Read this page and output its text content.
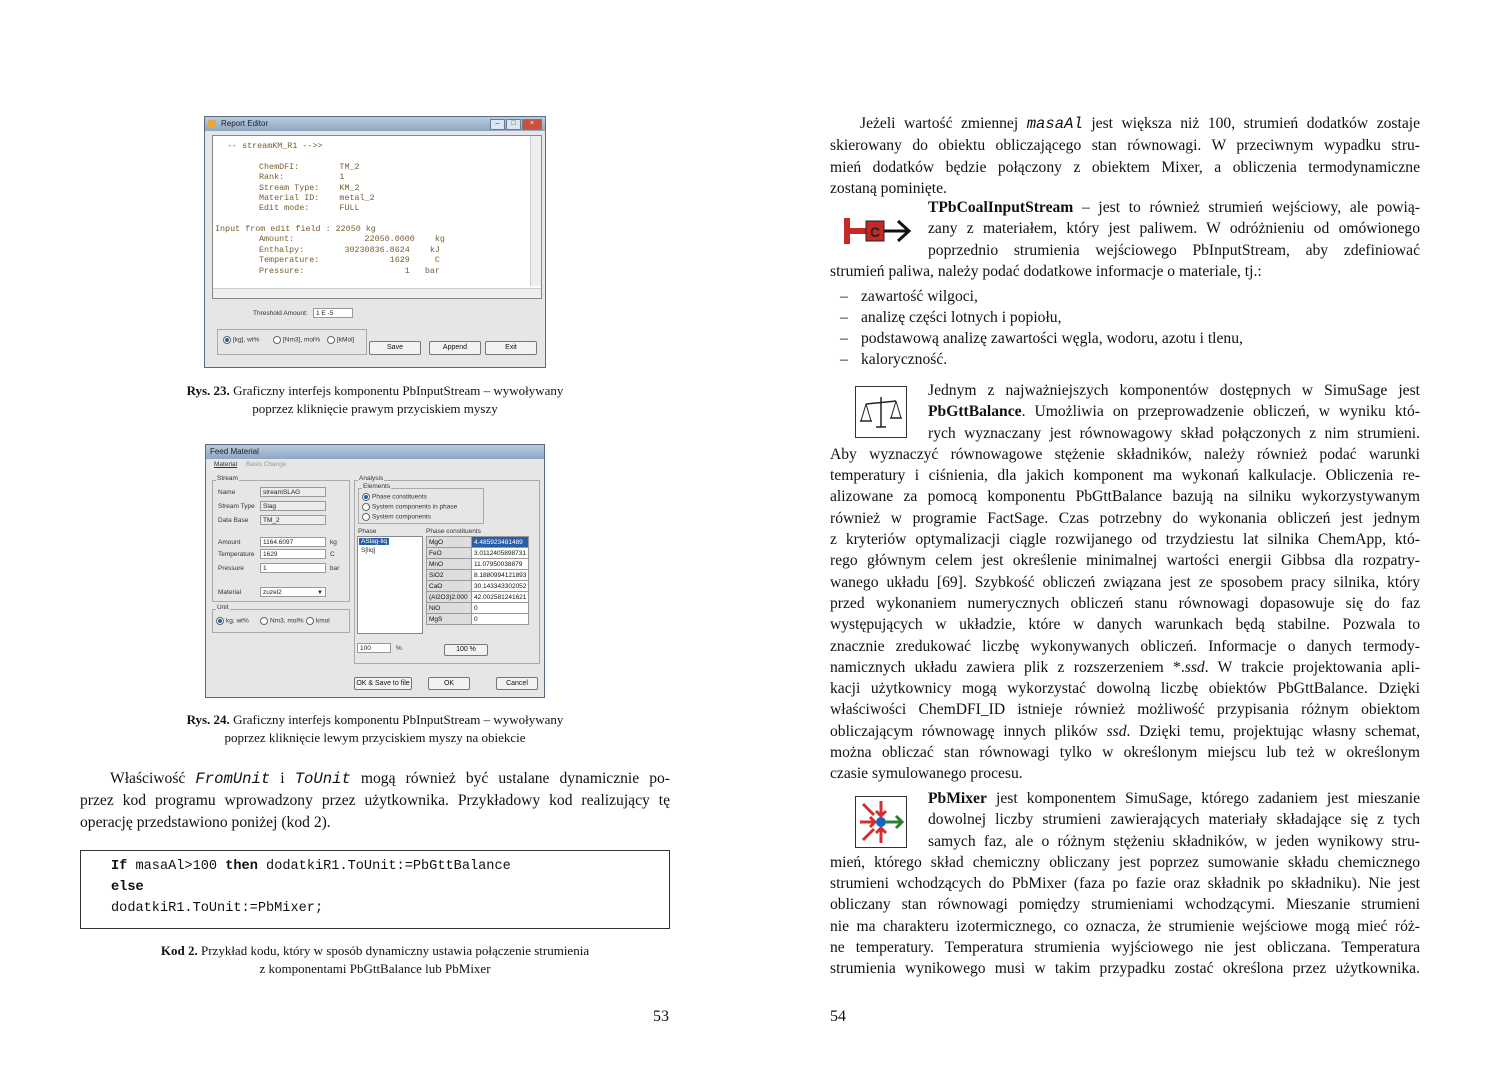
Report Editor	–	□	×
-- streamKM_R1 -->>
ChemDFI:        TM_2
Rank:           1
Stream Type:    KM_2
Material ID:    metal_2
Edit mode:      FULL
Input from edit field : 22050 kg
Amount:              22050.0000    kg
Enthalpy:        30230836.8624    kJ
Temperature:              1629     C
Pressure:                    1   bar
Threshold Amount:	1 E -5
[kg], wt%	[Nm3], mol%	[kMol]
Save	Append	Exit
Rys. 23. Graficzny interfejs komponentu PbInputStream – wywoływany
poprzez kliknięcie prawym przyciskiem myszy
Feed Material
Material Basis Change
Stream
Name	streamSLAG
Stream Type	Slag
Data Base	TM_2
Amount	1164.6097	kg
Temperature	1629	C
Pressure	1	bar
Material	zuzel2	▼
Unit
kg, wt%	Nm3, mol%	kmol
Analysis
Elements
Phase constituents
System components in phase
System components
Phase
ASlag-liq
S[liq]
Phase constituents
MgO	4.485923481489
FeO	3.0112405898731
MnO	11.07950038879
SiO2	8.1880994121893
CaO	30.143343302052
(Al2O3)2.000	42.002581241621
NiO	0
MgS	0
100	%	100 %
OK & Save to file	OK	Cancel
Rys. 24. Graficzny interfejs komponentu PbInputStream – wywoływany
poprzez kliknięcie lewym przyciskiem myszy na obiekcie
Właściwość FromUnit i ToUnit mogą również być ustalane dynamicznie po-
przez kod programu wprowadzony przez użytkownika. Przykładowy kod realizujący tę
operację przedstawiono poniżej (kod 2).
If masaAl>100 then dodatkiR1.ToUnit:=PbGttBalance
else
dodatkiR1.ToUnit:=PbMixer;
Kod 2. Przykład kodu, który w sposób dynamiczny ustawia połączenie strumienia
z komponentami PbGttBalance lub PbMixer
53
Jeżeli wartość zmiennej masaAl jest większa niż 100, strumień dodatków zostaje
skierowany do obiektu obliczającego stan równowagi. W przeciwnym wypadku stru-
mień dodatków będzie połączony z obiektem Mixer, a obliczenia termodynamiczne
zostaną pominięte.
C
TPbCoalInputStream – jest to również strumień wejściowy, ale powią-
zany z materiałem, który jest paliwem. W odróżnieniu od omówionego
poprzednio strumienia wejściowego PbInputStream, aby zdefiniować
strumień paliwa, należy podać dodatkowe informacje o materiale, tj.:
– zawartość wilgoci,
– analizę części lotnych i popiołu,
– podstawową analizę zawartości węgla, wodoru, azotu i tlenu,
– kaloryczność.
Jednym z najważniejszych komponentów dostępnych w SimuSage jest
PbGttBalance. Umożliwia on przeprowadzenie obliczeń, w wyniku któ-
rych wyznaczany jest równowagowy skład połączonych z nim strumieni.
Aby wyznaczyć równowagowe stężenie składników, należy również podać warunki
temperatury i ciśnienia, dla jakich komponent ma wykonań kalkulacje. Obliczenia re-
alizowane za pomocą komponentu PbGttBalance bazują na silniku wykorzystywanym
również w programie FactSage. Czas potrzebny do wykonania obliczeń jest jednym
z kryteriów optymalizacji ciągle rozwijanego od trzydziestu lat silnika ChemApp, któ-
rego głównym celem jest określenie minimalnej wartości energii Gibbsa dla rozpatry-
wanego układu [69]. Szybkość obliczeń związana jest ze sposobem pracy silnika, który
przed wykonaniem numerycznych obliczeń stanu równowagi dopasowuje się do faz
występujących w układzie, które w danych warunkach będą stabilne. Pozwala to
znacznie zredukować liczbę wykonywanych obliczeń. Informacje o danych termody-
namicznych układu zawiera plik z rozszerzeniem *.ssd. W trakcie projektowania apli-
kacji użytkownicy mogą wykorzystać dowolną liczbę obiektów PbGttBalance. Dzięki
właściwości ChemDFI_ID istnieje również możliwość przypisania różnym obiektom
obliczającym równowagę innych plików ssd. Dzięki temu, projektując własny schemat,
można obliczać stan równowagi tylko w określonym miejscu lub też w określonym
czasie symulowanego procesu.
PbMixer jest komponentem SimuSage, którego zadaniem jest mieszanie
dowolnej liczby strumieni zawierających materiały składające się z tych
samych faz, ale o różnym stężeniu składników, w jeden wynikowy stru-
mień, którego skład chemiczny obliczany jest poprzez sumowanie składu chemicznego
strumieni wchodzących do PbMixer (faza po fazie oraz składnik po składniku). Nie jest
obliczany stan równowagi pomiędzy strumieniami wchodzącymi. Mieszanie strumieni
nie ma charakteru izotermicznego, co oznacza, że strumienie wejściowe mogą mieć róż-
ne temperatury. Temperatura strumienia wyjściowego nie jest obliczana. Temperatura
strumienia wynikowego musi w takim przypadku zostać określona przez użytkownika.
54
